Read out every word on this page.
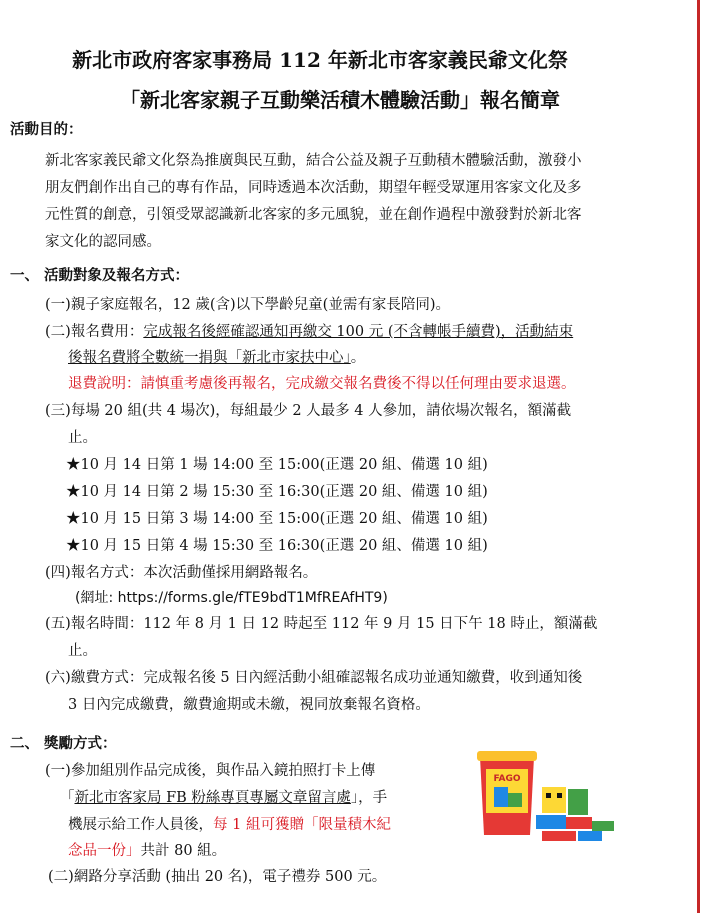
新北市政府客家事務局 112 年新北市客家義民爺文化祭
「新北客家親子互動樂活積木體驗活動」報名簡章
活動目的：
新北客家義民爺文化祭為推廣與民互動，結合公益及親子互動積木體驗活動，激發小
朋友們創作出自己的專有作品，同時透過本次活動，期望年輕受眾運用客家文化及多
元性質的創意，引領受眾認識新北客家的多元風貌，並在創作過程中激發對於新北客
家文化的認同感。
一、 活動對象及報名方式：
(一)親子家庭報名，12 歲(含)以下學齡兒童(並需有家長陪同)。
(二)報名費用：完成報名後經確認通知再繳交 100 元 (不含轉帳手續費)，活動結束
後報名費將全數統一捐與「新北市家扶中心」。
退費說明：請慎重考慮後再報名，完成繳交報名費後不得以任何理由要求退選。
(三)每場 20 組(共 4 場次)，每組最少 2 人最多 4 人參加，請依場次報名，額滿截
止。
★10 月 14 日第 1 場 14:00 至 15:00(正選 20 組、備選 10 組)
★10 月 14 日第 2 場 15:30 至 16:30(正選 20 組、備選 10 組)
★10 月 15 日第 3 場 14:00 至 15:00(正選 20 組、備選 10 組)
★10 月 15 日第 4 場 15:30 至 16:30(正選 20 組、備選 10 組)
(四)報名方式：本次活動僅採用網路報名。
(網址: https://forms.gle/fTE9bdT1MfREAfHT9)
(五)報名時間：112 年 8 月 1 日 12 時起至 112 年 9 月 15 日下午 18 時止，額滿截
止。
(六)繳費方式：完成報名後 5 日內經活動小組確認報名成功並通知繳費，收到通知後
3 日內完成繳費，繳費逾期或未繳，視同放棄報名資格。
二、 獎勵方式：
(一)參加組別作品完成後，與作品入鏡拍照打卡上傳
「新北市客家局 FB 粉絲專頁專屬文章留言處」，手
機展示給工作人員後，每 1 組可獲贈「限量積木紀
念品一份」共計 80 組。
(二)網路分享活動 (抽出 20 名)，電子禮券 500 元。
FAGO
